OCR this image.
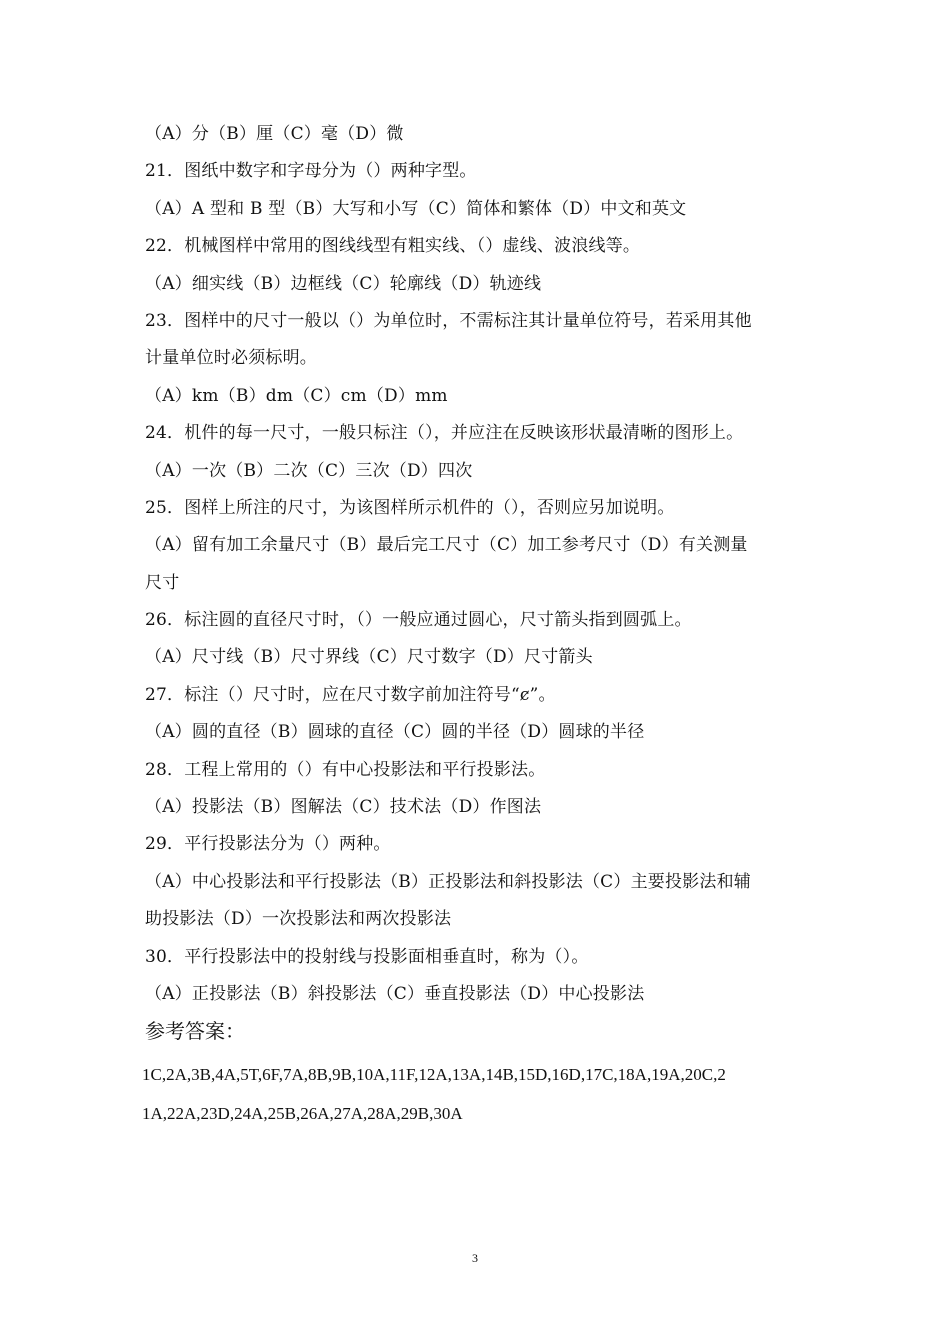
（A）分（B）厘（C）毫（D）微
21．图纸中数字和字母分为（）两种字型。
（A）A 型和 B 型（B）大写和小写（C）简体和繁体（D）中文和英文
22．机械图样中常用的图线线型有粗实线、（）虚线、波浪线等。
（A）细实线（B）边框线（C）轮廓线（D）轨迹线
23．图样中的尺寸一般以（）为单位时，不需标注其计量单位符号，若采用其他
计量单位时必须标明。
（A）km（B）dm（C）cm（D）mm
24．机件的每一尺寸，一般只标注（），并应注在反映该形状最清晰的图形上。
（A）一次（B）二次（C）三次（D）四次
25．图样上所注的尺寸，为该图样所示机件的（），否则应另加说明。
（A）留有加工余量尺寸（B）最后完工尺寸（C）加工参考尺寸（D）有关测量
尺寸
26．标注圆的直径尺寸时，（）一般应通过圆心，尺寸箭头指到圆弧上。
（A）尺寸线（B）尺寸界线（C）尺寸数字（D）尺寸箭头
27．标注（）尺寸时，应在尺寸数字前加注符号“ȼ”。
（A）圆的直径（B）圆球的直径（C）圆的半径（D）圆球的半径
28．工程上常用的（）有中心投影法和平行投影法。
（A）投影法（B）图解法（C）技术法（D）作图法
29．平行投影法分为（）两种。
（A）中心投影法和平行投影法（B）正投影法和斜投影法（C）主要投影法和辅
助投影法（D）一次投影法和两次投影法
30．平行投影法中的投射线与投影面相垂直时，称为（）。
（A）正投影法（B）斜投影法（C）垂直投影法（D）中心投影法
参考答案：
1C,2A,3B,4A,5T,6F,7A,8B,9B,10A,11F,12A,13A,14B,15D,16D,17C,18A,19A,20C,2
1A,22A,23D,24A,25B,26A,27A,28A,29B,30A
3
